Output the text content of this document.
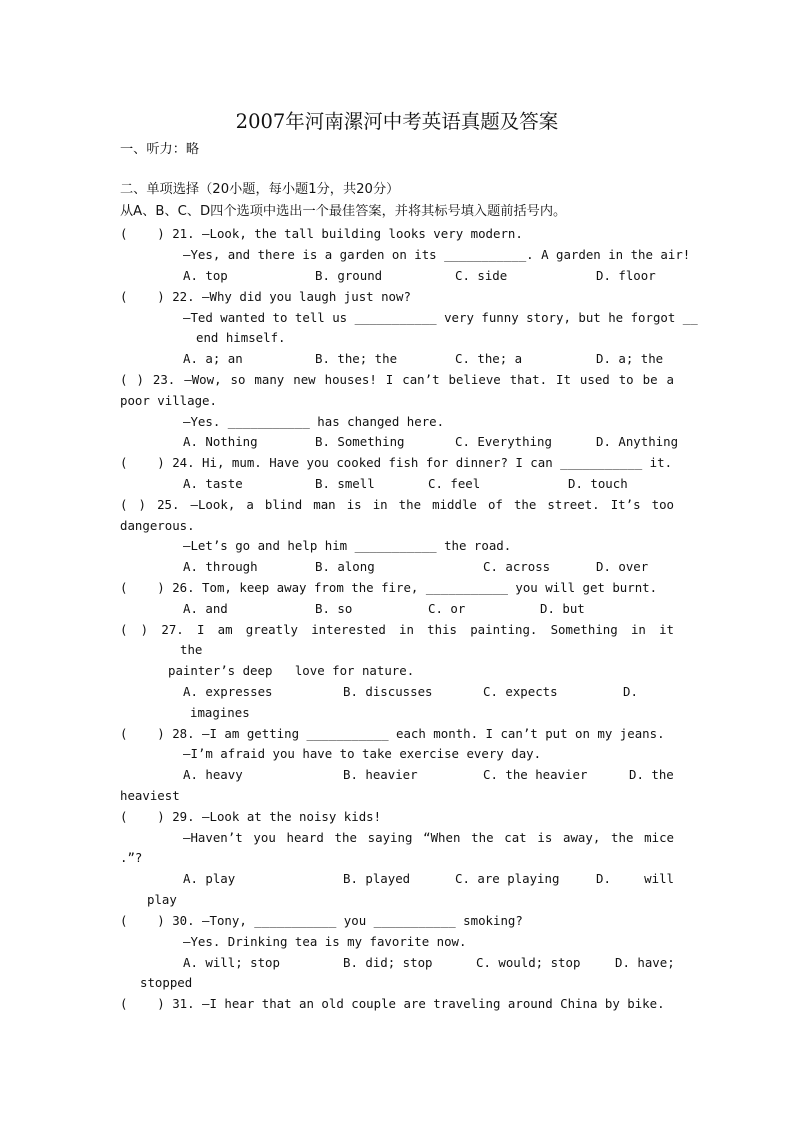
2007年河南漯河中考英语真题及答案
一、听力：略
二、单项选择（20小题，每小题1分，共20分）
从A、B、C、D四个选项中选出一个最佳答案，并将其标号填入题前括号内。
(    ) 21. —Look, the tall building looks very modern.
—Yes, and there is a garden on its ___________. A garden in the air!
A. top	B. ground	C. side	D. floor
(    ) 22. —Why did you laugh just now?
—Ted wanted to tell us ___________ very funny story, but he forgot __
end himself.
A. a; an	B. the; the	C. the; a	D. a; the
( ) 23. —Wow, so many new houses! I can’t believe that. It used to be a
poor village.
—Yes. ___________ has changed here.
A. Nothing	B. Something	C. Everything	D. Anything
(    ) 24. Hi, mum. Have you cooked fish for dinner? I can ___________ it.
A. taste	B. smell	C. feel	D. touch
( ) 25. —Look, a blind man is in the middle of the street. It’s too
dangerous.
—Let’s go and help him ___________ the road.
A. through	B. along	C. across	D. over
(    ) 26. Tom, keep away from the fire, ___________ you will get burnt.
A. and	B. so	C. or	D. but
( ) 27. I am greatly interested in this painting. Something in it
the
painter’s deep   love for nature.
A. expresses	B. discusses	C. expects	D.
imagines
(    ) 28. —I am getting ___________ each month. I can’t put on my jeans.
—I’m afraid you have to take exercise every day.
A. heavy	B. heavier	C. the heavier	D. the
heaviest
(    ) 29. —Look at the noisy kids!
—Haven’t you heard the saying “When the cat is away, the mice
.”?
A. play	B. played	C. are playing	D. will
play
(    ) 30. —Tony, ___________ you ___________ smoking?
—Yes. Drinking tea is my favorite now.
A. will; stop	B. did; stop	C. would; stop	D. have;
stopped
(    ) 31. —I hear that an old couple are traveling around China by bike.
